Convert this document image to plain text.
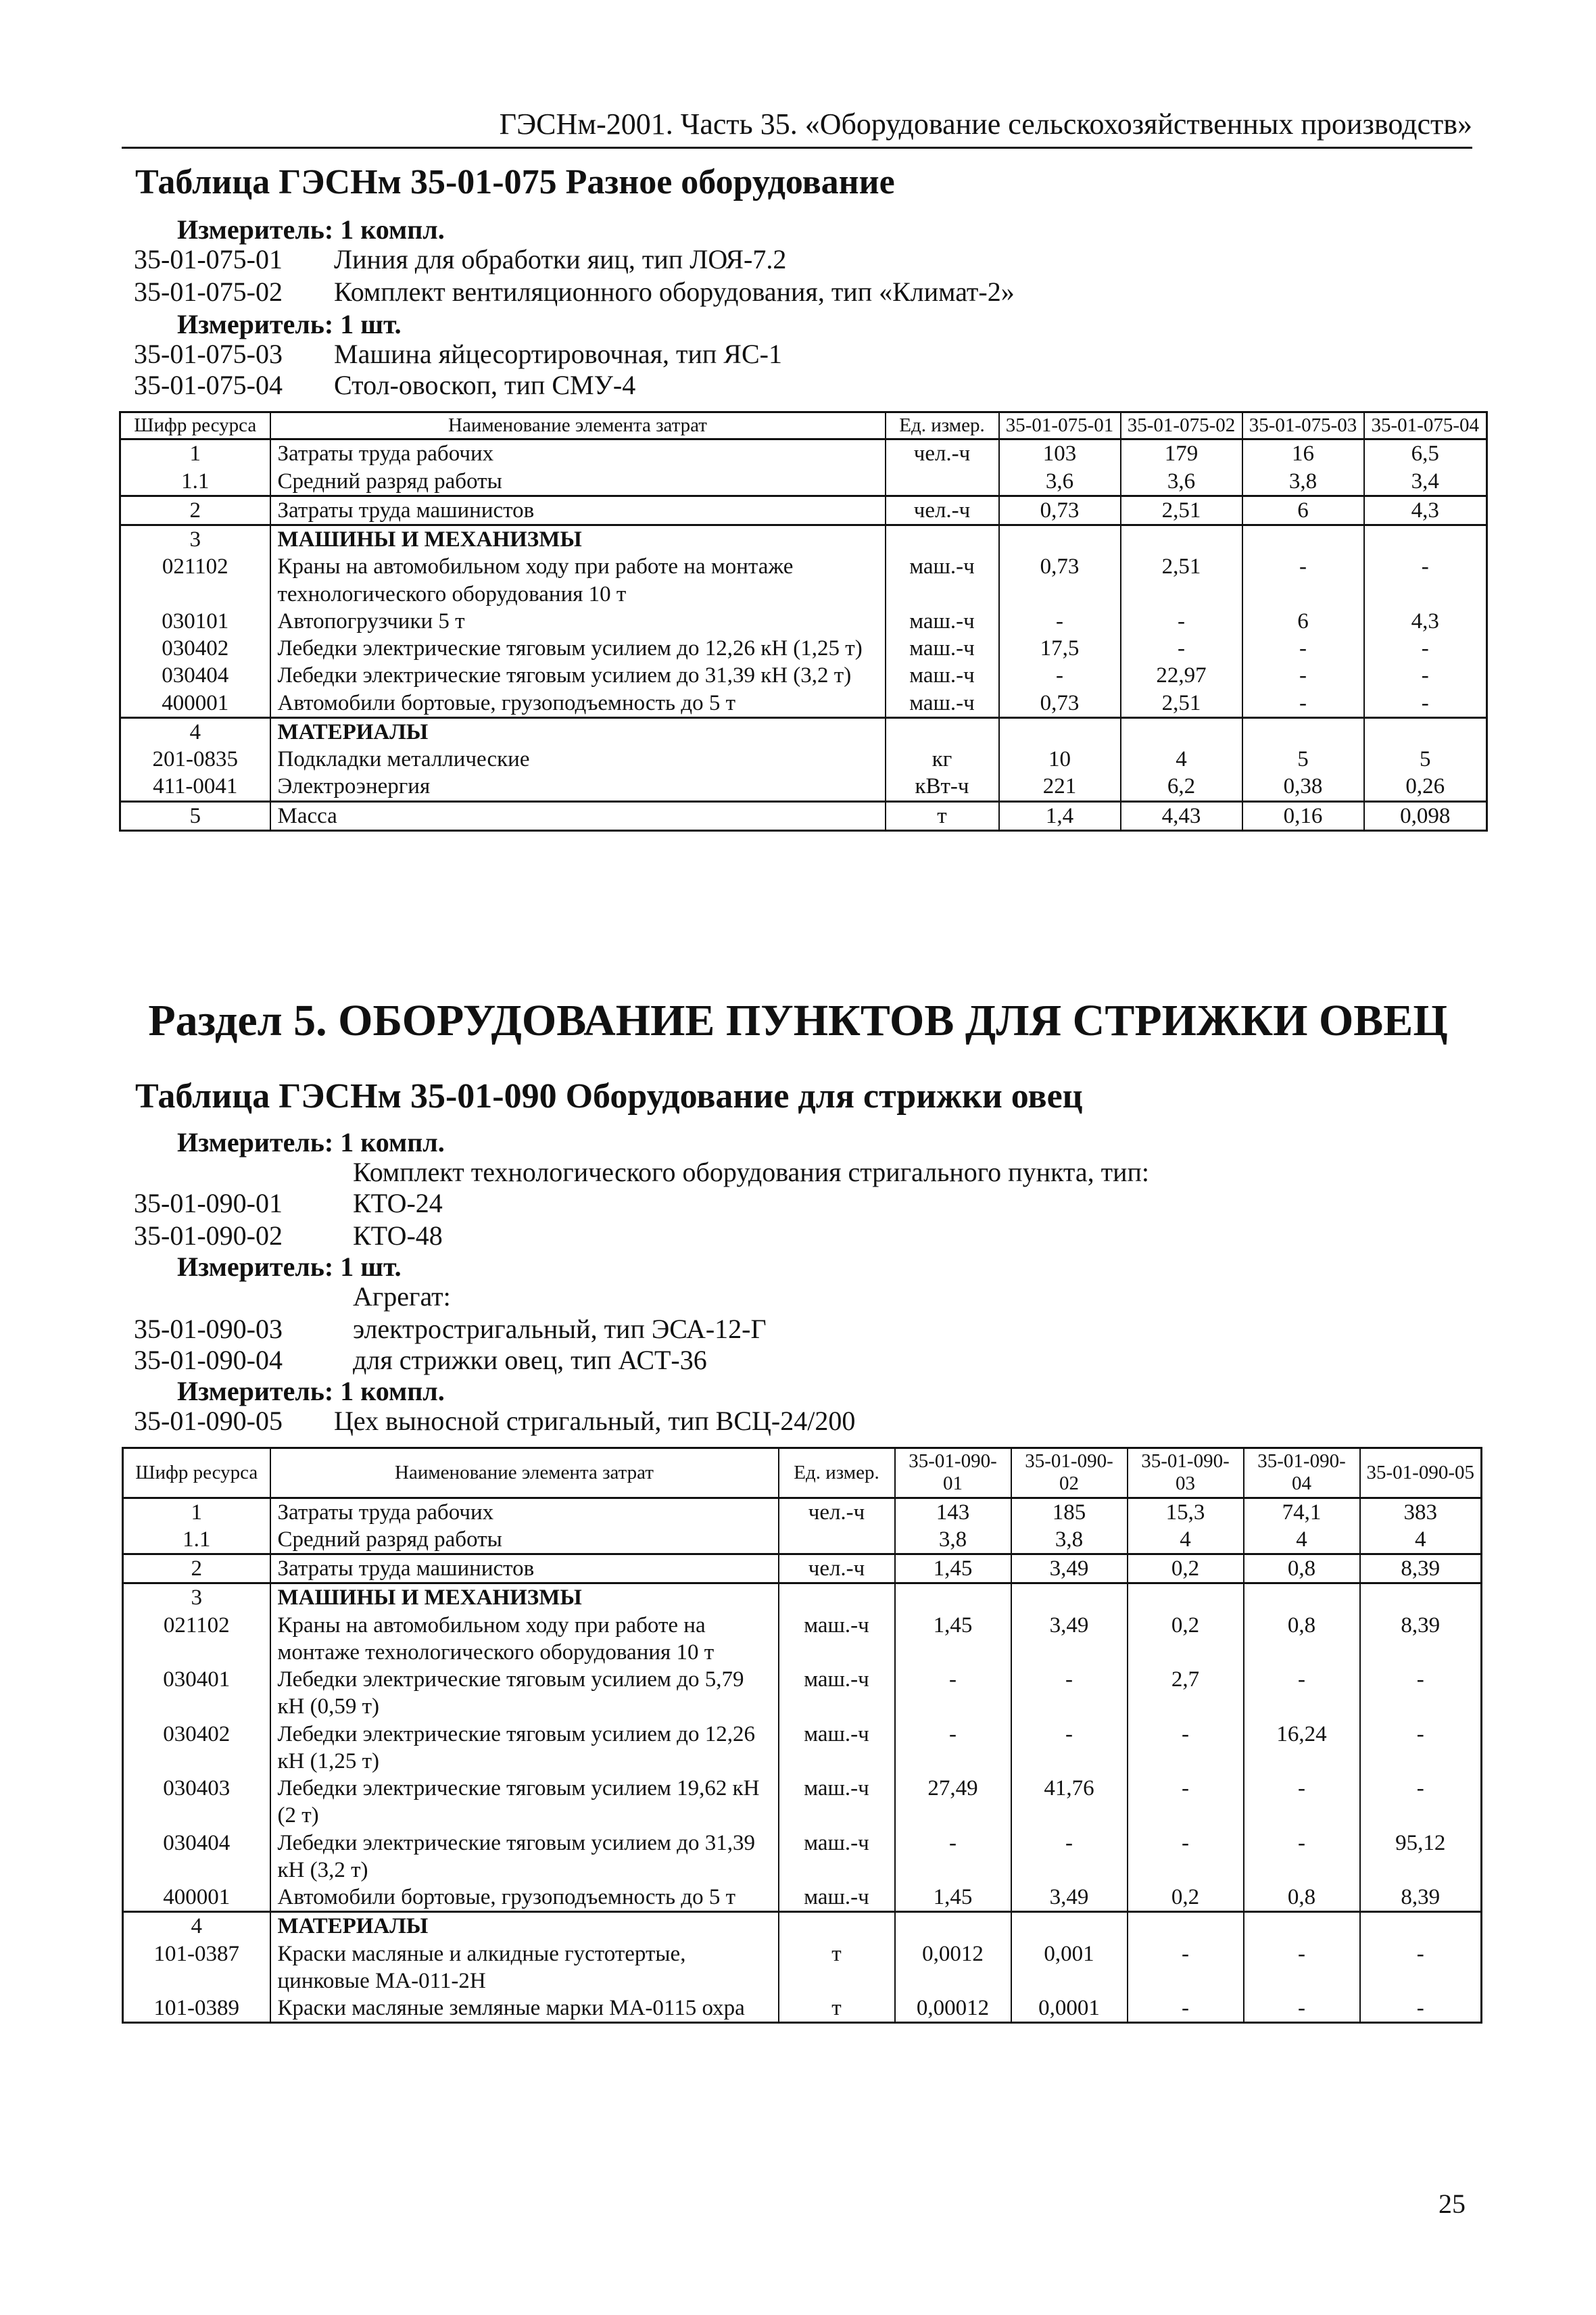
ГЭСНм-2001. Часть 35. «Оборудование сельскохозяйственных производств»
Таблица ГЭСНм 35-01-075 Разное оборудование
Измеритель: 1 компл.
35-01-075-01 Линия для обработки яиц, тип ЛОЯ-7.2
35-01-075-02 Комплект вентиляционного оборудования, тип «Климат-2»
Измеритель: 1 шт.
35-01-075-03 Машина яйцесортировочная, тип ЯС-1
35-01-075-04 Стол-овоскоп, тип СМУ-4
Шифр ресурса	Наименование элемента затрат	Ед. измер.	35-01-075-01	35-01-075-02	35-01-075-03	35-01-075-04
1	Затраты труда рабочих	чел.-ч	103	179	16	6,5
1.1	Средний разряд работы		3,6	3,6	3,8	3,4
2	Затраты труда машинистов	чел.-ч	0,73	2,51	6	4,3
3	МАШИНЫ И МЕХАНИЗМЫ					
021102	Краны на автомобильном ходу при работе на монтаже технологического оборудования 10 т	маш.-ч	0,73	2,51	-	-
030101	Автопогрузчики 5 т	маш.-ч	-	-	6	4,3
030402	Лебедки электрические тяговым усилием до 12,26 кН (1,25 т)	маш.-ч	17,5	-	-	-
030404	Лебедки электрические тяговым усилием до 31,39 кН (3,2 т)	маш.-ч	-	22,97	-	-
400001	Автомобили бортовые, грузоподъемность до 5 т	маш.-ч	0,73	2,51	-	-
4	МАТЕРИАЛЫ					
201-0835	Подкладки металлические	кг	10	4	5	5
411-0041	Электроэнергия	кВт-ч	221	6,2	0,38	0,26
5	Масса	т	1,4	4,43	0,16	0,098
Раздел 5. ОБОРУДОВАНИЕ ПУНКТОВ ДЛЯ СТРИЖКИ ОВЕЦ
Таблица ГЭСНм 35-01-090 Оборудование для стрижки овец
Измеритель: 1 компл.
Комплект технологического оборудования стригального пункта, тип:
35-01-090-01	КТО-24
35-01-090-02	КТО-48
Измеритель: 1 шт.
Агрегат:
35-01-090-03	электростригальный, тип ЭСА-12-Г
35-01-090-04	для стрижки овец, тип АСТ-36
Измеритель: 1 компл.
35-01-090-05 Цех выносной стригальный, тип ВСЦ-24/200
Шифр ресурса	Наименование элемента затрат	Ед. измер.	35-01-090-01	35-01-090-02	35-01-090-03	35-01-090-04	35-01-090-05
1	Затраты труда рабочих	чел.-ч	143	185	15,3	74,1	383
1.1	Средний разряд работы		3,8	3,8	4	4	4
2	Затраты труда машинистов	чел.-ч	1,45	3,49	0,2	0,8	8,39
3	МАШИНЫ И МЕХАНИЗМЫ						
021102	Краны на автомобильном ходу при работе на монтаже технологического оборудования 10 т	маш.-ч	1,45	3,49	0,2	0,8	8,39
030401	Лебедки электрические тяговым усилием до 5,79 кН (0,59 т)	маш.-ч	-	-	2,7	-	-
030402	Лебедки электрические тяговым усилием до 12,26 кН (1,25 т)	маш.-ч	-	-	-	16,24	-
030403	Лебедки электрические тяговым усилием 19,62 кН (2 т)	маш.-ч	27,49	41,76	-	-	-
030404	Лебедки электрические тяговым усилием до 31,39 кН (3,2 т)	маш.-ч	-	-	-	-	95,12
400001	Автомобили бортовые, грузоподъемность до 5 т	маш.-ч	1,45	3,49	0,2	0,8	8,39
4	МАТЕРИАЛЫ						
101-0387	Краски масляные и алкидные густотертые, цинковые МА-011-2Н	т	0,0012	0,001	-	-	-
101-0389	Краски масляные земляные марки МА-0115 охра	т	0,00012	0,0001	-	-	-
25
